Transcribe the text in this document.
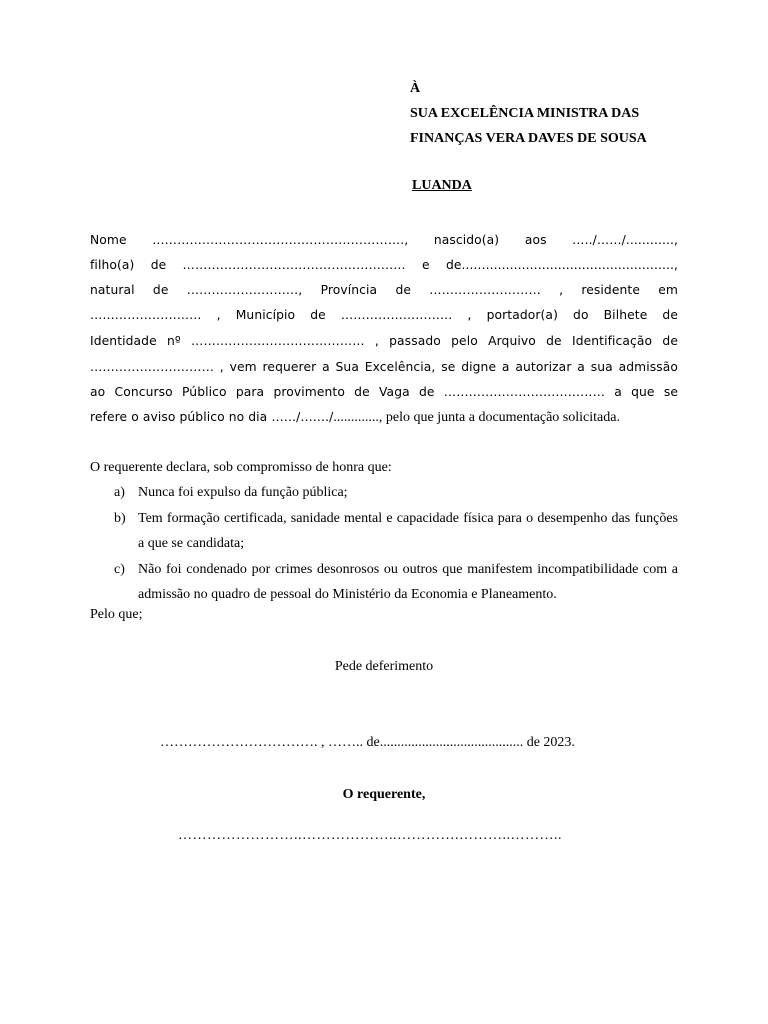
À
SUA EXCELÊNCIA MINISTRA DAS
FINANÇAS VERA DAVES DE SOUSA
LUANDA

Nome ……………………………………………………., nascido(a) aos …../……/............,

filho(a) de ……………………………………………… e de.....................................................,

natural de ………………………, Província de ……………………… , residente em

……………………… , Município de ……………………… , portador(a) do Bilhete de

Identidade nº …………………………………… , passado pelo Arquivo de Identificação de

………………………… , vem requerer a Sua Excelência, se digne a autorizar a sua admissão

ao Concurso Público para provimento de Vaga de ………………………………… a que se

refere o aviso público no dia ……/……./............., pelo que junta a documentação solicitada.

O requerente declara, sob compromisso de honra que:
a) Nunca foi expulso da função pública;
b) Tem formação certificada, sanidade mental e capacidade física para o desempenho das funções a que se candidata;
c) Não foi condenado por crimes desonrosos ou outros que manifestem incompatibilidade com a admissão no quadro de pessoal do Ministério da Economia e Planeamento.
Pelo que;
Pede deferimento
……………………………. , …….. de......................................... de 2023.
O requerente,
……………………..………………..………….………..………..
